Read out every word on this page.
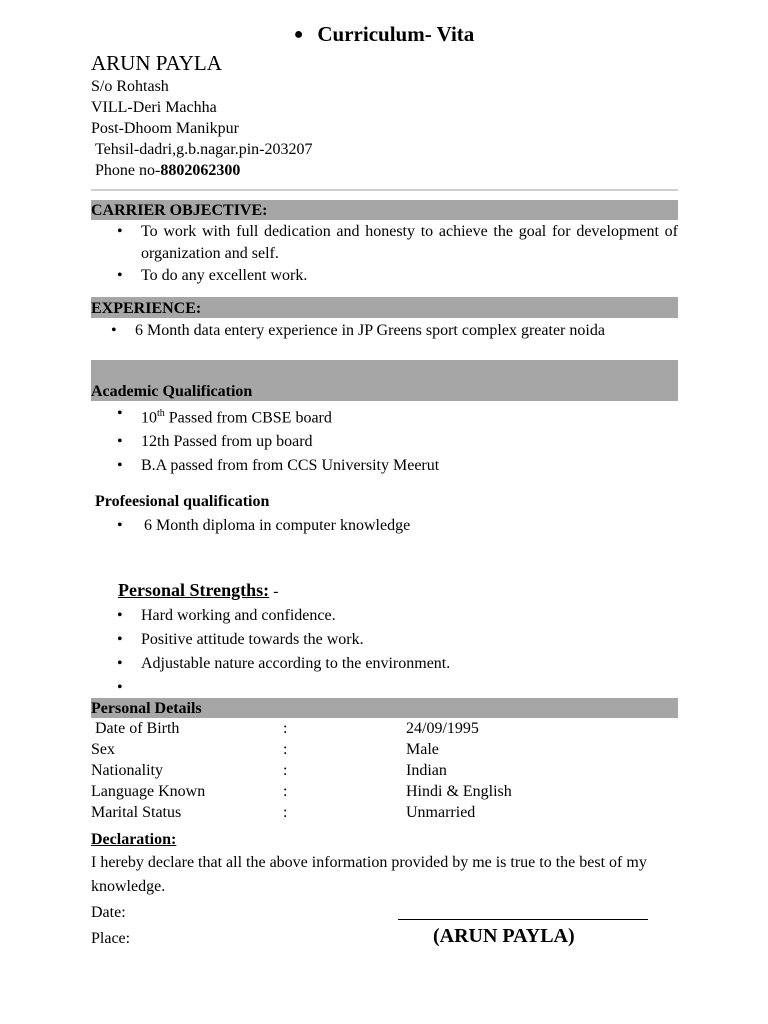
● Curriculum- Vita
ARUN PAYLA
S/o Rohtash
VILL-Deri Machha
Post-Dhoom Manikpur
Tehsil-dadri,g.b.nagar.pin-203207
Phone no-8802062300
CARRIER OBJECTIVE:
• To work with full dedication and honesty to achieve the goal for development of organization and self.
• To do any excellent work.
EXPERIENCE:
• 6 Month data entery experience in JP Greens sport complex greater noida
Academic Qualification
• 10th Passed from CBSE board
• 12th Passed from up board
• B.A passed from from CCS University Meerut
Profeesional qualification
• 6 Month diploma in computer knowledge
Personal Strengths: -
• Hard working and confidence.
• Positive attitude towards the work.
• Adjustable nature according to the environment.
•
Personal Details
Date of Birth	:	24/09/1995
Sex	:	Male
Nationality	:	Indian
Language Known	:	Hindi & English
Marital Status	:	Unmarried
Declaration:
I hereby declare that all the above information provided by me is true to the best of my knowledge.
Date:
Place:	(ARUN PAYLA)
